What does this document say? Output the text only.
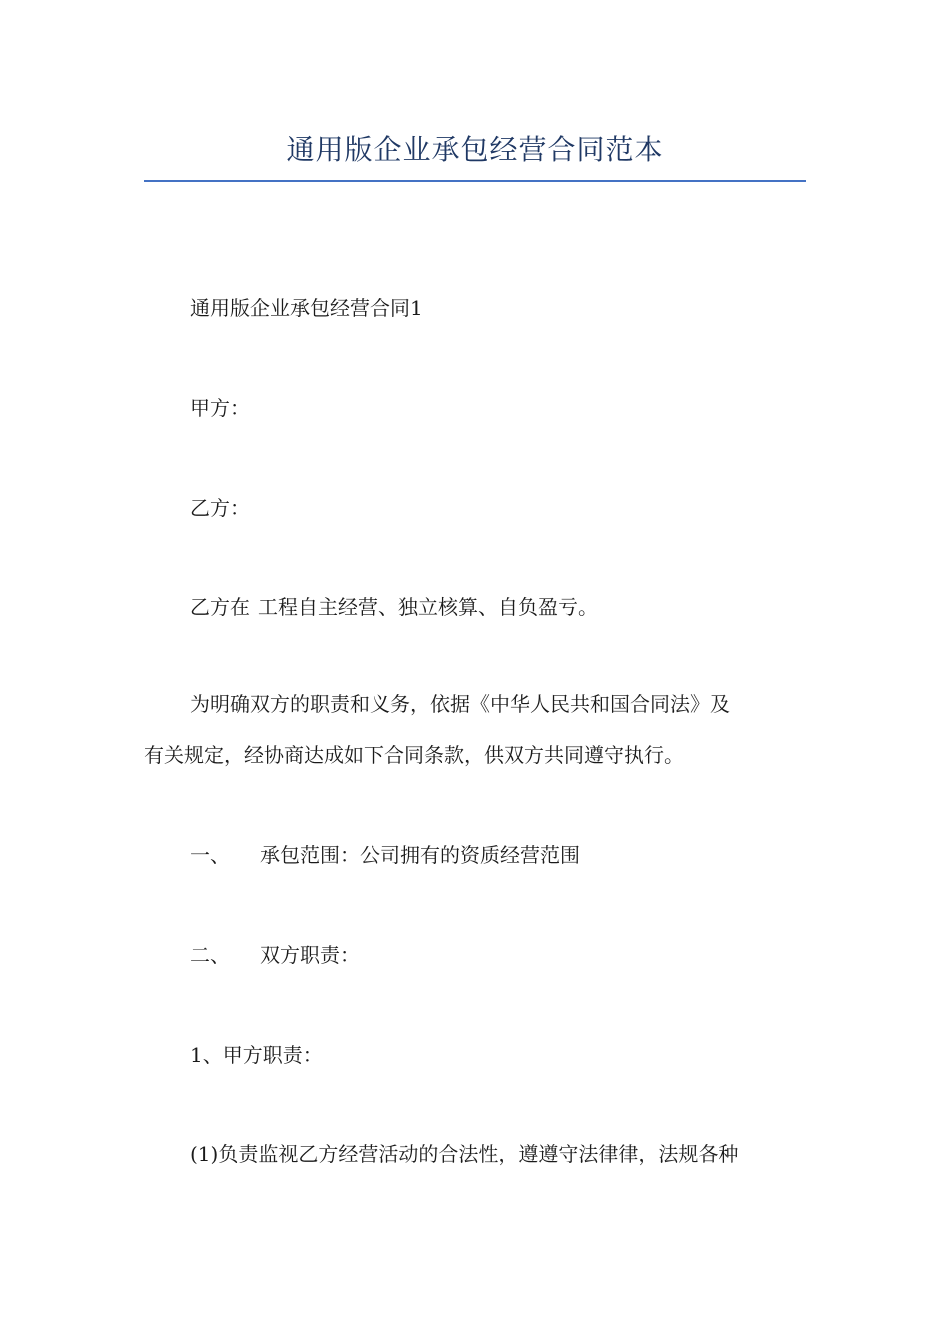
通用版企业承包经营合同范本
通用版企业承包经营合同1
甲方：
乙方：
乙方在 工程自主经营、独立核算、自负盈亏。
为明确双方的职责和义务，依据《中华人民共和国合同法》及
有关规定，经协商达成如下合同条款，供双方共同遵守执行。
一、 承包范围：公司拥有的资质经营范围
二、 双方职责：
1、甲方职责：
(1)负责监视乙方经营活动的合法性，遵遵守法律律，法规各种
